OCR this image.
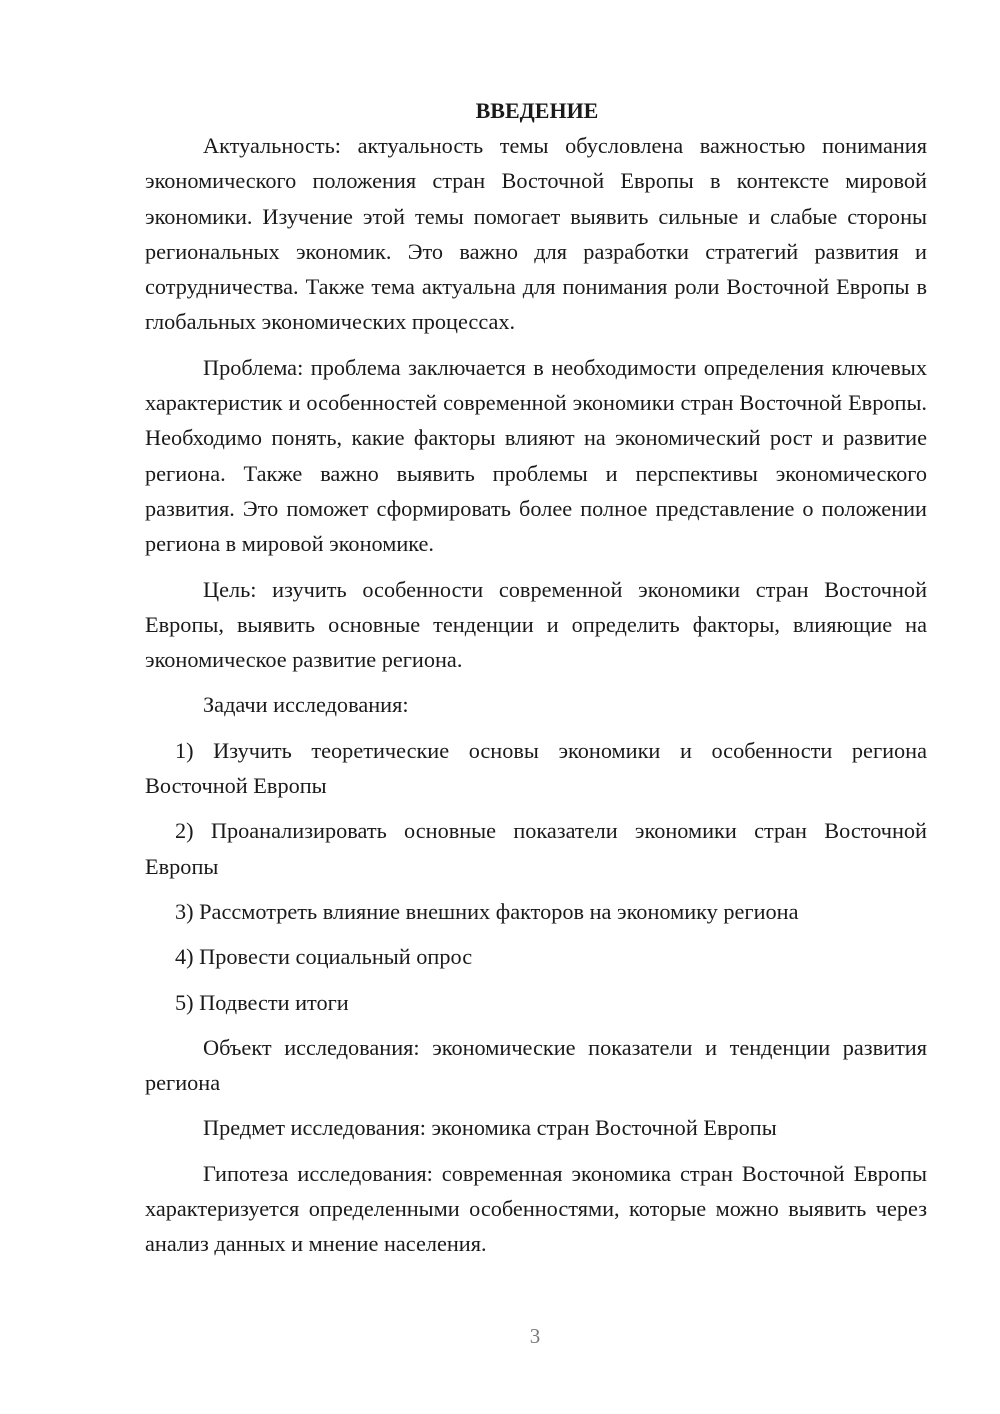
ВВЕДЕНИЕ

Актуальность: актуальность темы обусловлена важностью понимания экономического положения стран Восточной Европы в контексте мировой экономики. Изучение этой темы помогает выявить сильные и слабые стороны региональных экономик. Это важно для разработки стратегий развития и сотрудничества. Также тема актуальна для понимания роли Восточной Европы в глобальных экономических процессах.

Проблема: проблема заключается в необходимости определения ключевых характеристик и особенностей современной экономики стран Восточной Европы. Необходимо понять, какие факторы влияют на экономический рост и развитие региона. Также важно выявить проблемы и перспективы экономического развития. Это поможет сформировать более полное представление о положении региона в мировой экономике.

Цель: изучить особенности современной экономики стран Восточной Европы, выявить основные тенденции и определить факторы, влияющие на экономическое развитие региона.

Задачи исследования:

1) Изучить теоретические основы экономики и особенности региона Восточной Европы

2) Проанализировать основные показатели экономики стран Восточной Европы

3) Рассмотреть влияние внешних факторов на экономику региона

4) Провести социальный опрос

5) Подвести итоги

Объект исследования: экономические показатели и тенденции развития региона

Предмет исследования: экономика стран Восточной Европы

Гипотеза исследования: современная экономика стран Восточной Европы характеризуется определенными особенностями, которые можно выявить через анализ данных и мнение населения.

3
